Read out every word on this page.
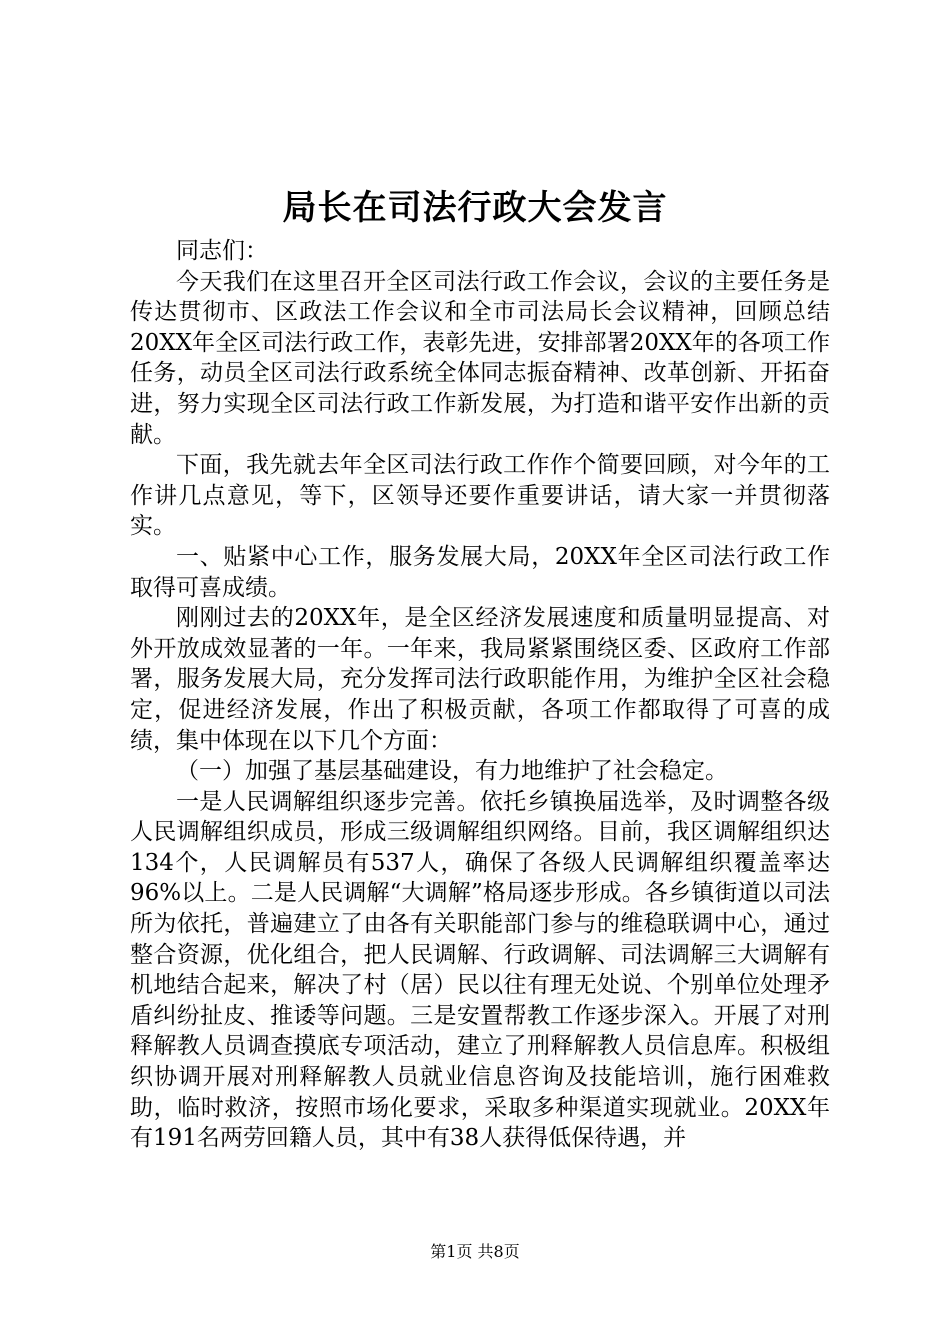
局长在司法行政大会发言

同志们：

今天我们在这里召开全区司法行政工作会议，会议的主要任务是传达贯彻市、区政法工作会议和全市司法局长会议精神，回顾总结20XX年全区司法行政工作，表彰先进，安排部署20XX年的各项工作任务，动员全区司法行政系统全体同志振奋精神、改革创新、开拓奋进，努力实现全区司法行政工作新发展，为打造和谐平安作出新的贡献。

下面，我先就去年全区司法行政工作作个简要回顾，对今年的工作讲几点意见，等下，区领导还要作重要讲话，请大家一并贯彻落实。

一、贴紧中心工作，服务发展大局，20XX年全区司法行政工作取得可喜成绩。

刚刚过去的20XX年，是全区经济发展速度和质量明显提高、对外开放成效显著的一年。一年来，我局紧紧围绕区委、区政府工作部署，服务发展大局，充分发挥司法行政职能作用，为维护全区社会稳定，促进经济发展，作出了积极贡献，各项工作都取得了可喜的成绩，集中体现在以下几个方面：

（一）加强了基层基础建设，有力地维护了社会稳定。

一是人民调解组织逐步完善。依托乡镇换届选举，及时调整各级人民调解组织成员，形成三级调解组织网络。目前，我区调解组织达134个，人民调解员有537人，确保了各级人民调解组织覆盖率达96%以上。二是人民调解“大调解”格局逐步形成。各乡镇街道以司法所为依托，普遍建立了由各有关职能部门参与的维稳联调中心，通过整合资源，优化组合，把人民调解、行政调解、司法调解三大调解有机地结合起来，解决了村（居）民以往有理无处说、个别单位处理矛盾纠纷扯皮、推诿等问题。三是安置帮教工作逐步深入。开展了对刑释解教人员调查摸底专项活动，建立了刑释解教人员信息库。积极组织协调开展对刑释解教人员就业信息咨询及技能培训，施行困难救助，临时救济，按照市场化要求，采取多种渠道实现就业。20XX年有191名两劳回籍人员，其中有38人获得低保待遇，并

第1页 共8页
